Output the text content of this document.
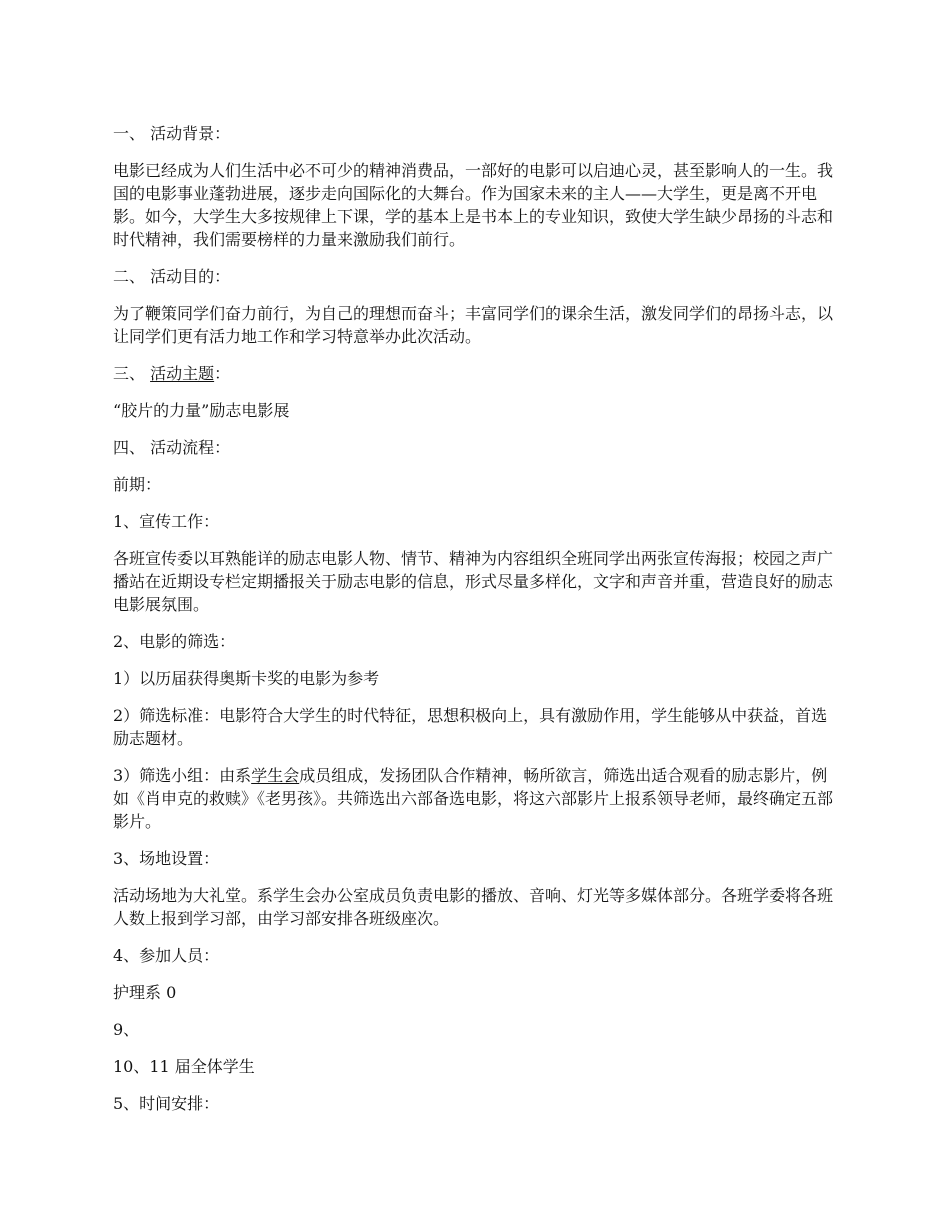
一、 活动背景：

电影已经成为人们生活中必不可少的精神消费品，一部好的电影可以启迪心灵，甚至影响人的一生。我国的电影事业蓬勃进展，逐步走向国际化的大舞台。作为国家未来的主人——大学生，更是离不开电影。如今，大学生大多按规律上下课，学的基本上是书本上的专业知识，致使大学生缺少昂扬的斗志和时代精神，我们需要榜样的力量来激励我们前行。

二、 活动目的：

为了鞭策同学们奋力前行，为自己的理想而奋斗；丰富同学们的课余生活，激发同学们的昂扬斗志，以让同学们更有活力地工作和学习特意举办此次活动。

三、 活动主题：

“胶片的力量”励志电影展

四、 活动流程：

前期：

1、宣传工作：

各班宣传委以耳熟能详的励志电影人物、情节、精神为内容组织全班同学出两张宣传海报；校园之声广播站在近期设专栏定期播报关于励志电影的信息，形式尽量多样化，文字和声音并重，营造良好的励志电影展氛围。

2、电影的筛选：

1）以历届获得奥斯卡奖的电影为参考

2）筛选标准：电影符合大学生的时代特征，思想积极向上，具有激励作用，学生能够从中获益，首选励志题材。

3）筛选小组：由系学生会成员组成，发扬团队合作精神，畅所欲言，筛选出适合观看的励志影片，例如《肖申克的救赎》《老男孩》。共筛选出六部备选电影，将这六部影片上报系领导老师，最终确定五部影片。

3、场地设置：

活动场地为大礼堂。系学生会办公室成员负责电影的播放、音响、灯光等多媒体部分。各班学委将各班人数上报到学习部，由学习部安排各班级座次。

4、参加人员：

护理系 0

9、

10、11 届全体学生

5、时间安排：
